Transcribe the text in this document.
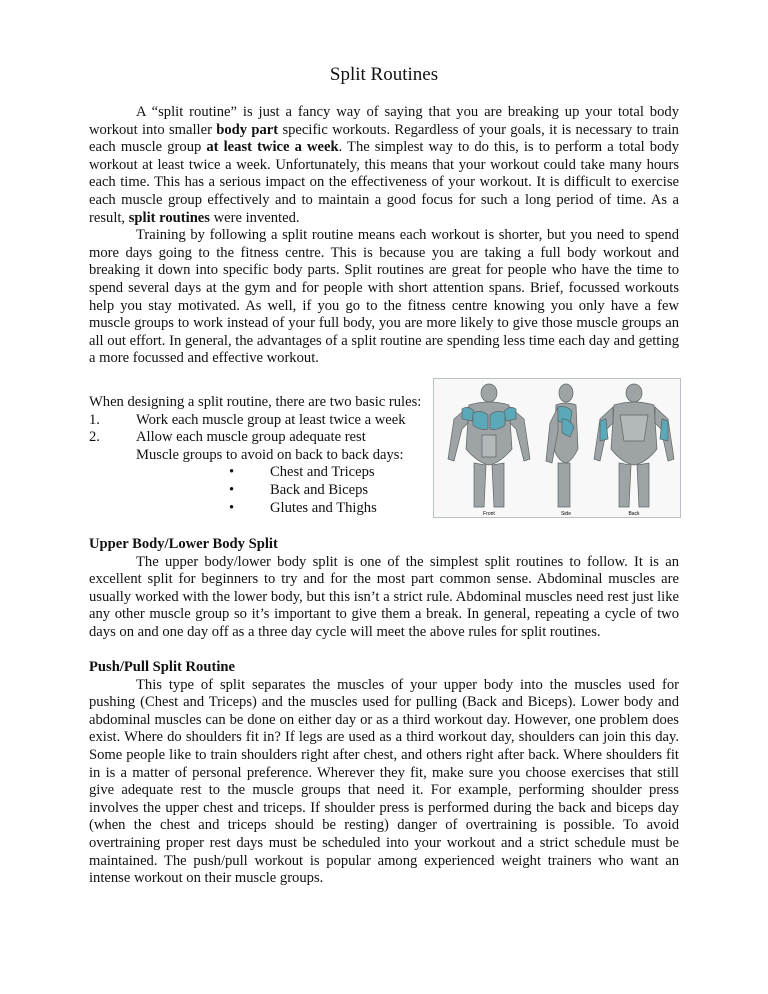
Split Routines

A “split routine” is just a fancy way of saying that you are breaking up your total body workout into smaller body part specific workouts. Regardless of your goals, it is necessary to train each muscle group at least twice a week. The simplest way to do this, is to perform a total body workout at least twice a week. Unfortunately, this means that your workout could take many hours each time. This has a serious impact on the effectiveness of your workout. It is difficult to exercise each muscle group effectively and to maintain a good focus for such a long period of time. As a result, split routines were invented.

Training by following a split routine means each workout is shorter, but you need to spend more days going to the fitness centre. This is because you are taking a full body workout and breaking it down into specific body parts. Split routines are great for people who have the time to spend several days at the gym and for people with short attention spans. Brief, focussed workouts help you stay motivated. As well, if you go to the fitness centre knowing you only have a few muscle groups to work instead of your full body, you are more likely to give those muscle groups an all out effort. In general, the advantages of a split routine are spending less time each day and getting a more focussed and effective workout.

When designing a split routine, there are two basic rules:
1. Work each muscle group at least twice a week
2. Allow each muscle group adequate rest
Muscle groups to avoid on back to back days:
• Chest and Triceps
• Back and Biceps
• Glutes and Thighs	Front	Side	Back

Upper Body/Lower Body Split

The upper body/lower body split is one of the simplest split routines to follow. It is an excellent split for beginners to try and for the most part common sense. Abdominal muscles are usually worked with the lower body, but this isn’t a strict rule. Abdominal muscles need rest just like any other muscle group so it’s important to give them a break. In general, repeating a cycle of two days on and one day off as a three day cycle will meet the above rules for split routines.

Push/Pull Split Routine

This type of split separates the muscles of your upper body into the muscles used for pushing (Chest and Triceps) and the muscles used for pulling (Back and Biceps). Lower body and abdominal muscles can be done on either day or as a third workout day. However, one problem does exist. Where do shoulders fit in? If legs are used as a third workout day, shoulders can join this day. Some people like to train shoulders right after chest, and others right after back. Where shoulders fit in is a matter of personal preference. Wherever they fit, make sure you choose exercises that still give adequate rest to the muscle groups that need it. For example, performing shoulder press involves the upper chest and triceps. If shoulder press is performed during the back and biceps day (when the chest and triceps should be resting) danger of overtraining is possible. To avoid overtraining proper rest days must be scheduled into your workout and a strict schedule must be maintained. The push/pull workout is popular among experienced weight trainers who want an intense workout on their muscle groups.
